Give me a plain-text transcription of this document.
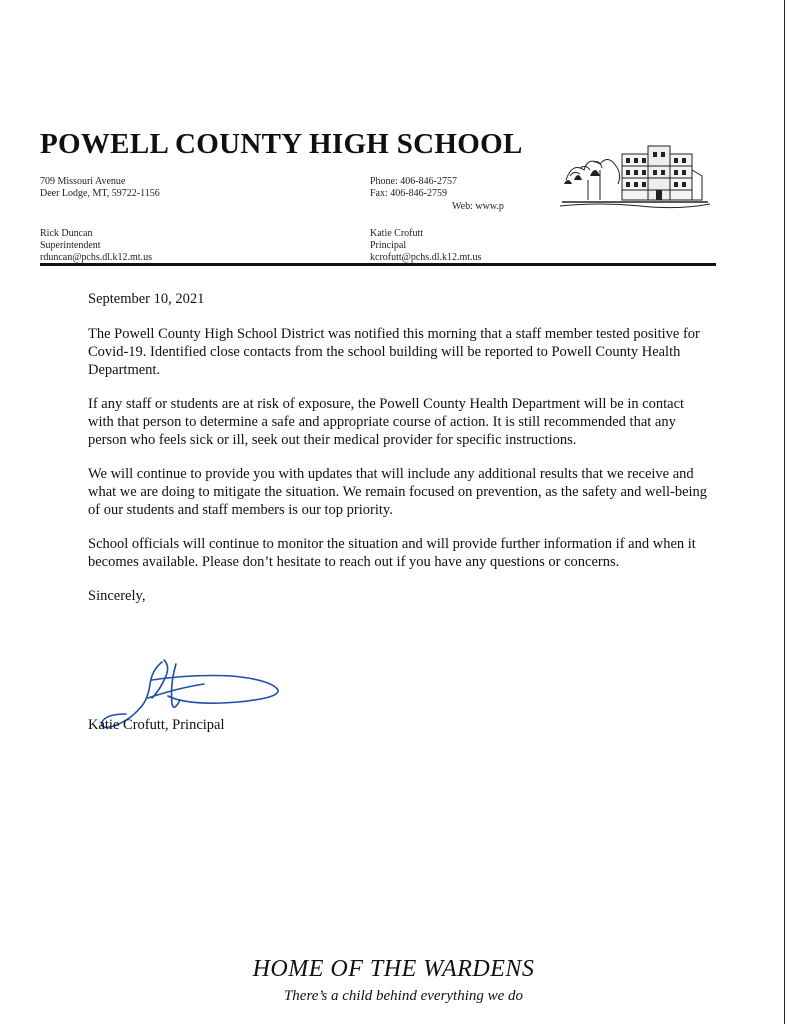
POWELL COUNTY HIGH SCHOOL
709 Missouri Avenue
Deer Lodge, MT, 59722-1156
Phone: 406-846-2757
Fax: 406-846-2759
Web: www.p
Rick Duncan
Superintendent
rduncan@pchs.dl.k12.mt.us
Katie Crofutt
Principal
kcrofutt@pchs.dl.k12.mt.us

September 10, 2021

The Powell County High School District was notified this morning that a staff member tested positive for Covid-19. Identified close contacts from the school building will be reported to Powell County Health Department.

If any staff or students are at risk of exposure, the Powell County Health Department will be in contact with that person to determine a safe and appropriate course of action. It is still recommended that any person who feels sick or ill, seek out their medical provider for specific instructions.

We will continue to provide you with updates that will include any additional results that we receive and what we are doing to mitigate the situation. We remain focused on prevention, as the safety and well-being of our students and staff members is our top priority.

School officials will continue to monitor the situation and will provide further information if and when it becomes available. Please don’t hesitate to reach out if you have any questions or concerns.

Sincerely,

Katie Crofutt, Principal
HOME OF THE WARDENS
There’s a child behind everything we do
